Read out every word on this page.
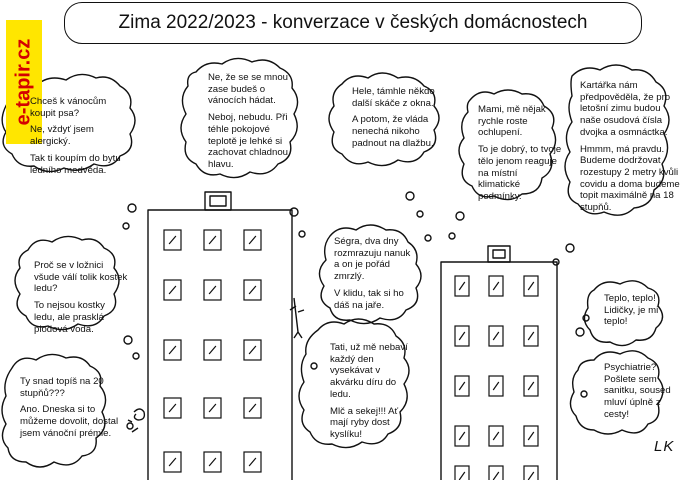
Zima 2022/2023 - konverzace v českých domácnostech
e-tapir.cz

Chceš k vánocům koupit psa?

Ne, vždyť jsem alergický.

Tak ti koupím do bytu ledního medvěda.

Ne, že se se mnou zase budeš o vánocích hádat.

Neboj, nebudu. Při téhle pokojové teplotě je lehké si zachovat chladnou hlavu.

Hele, támhle někdo další skáče z okna.

A potom, že vláda nenechá nikoho padnout na dlažbu.

Mami, mě nějak rychle roste ochlupení.

To je dobrý, to tvoje tělo jenom reaguje na místní klimatické podmínky.

Kartářka nám předpověděla, že pro letošní zimu budou naše osudová čísla dvojka a osmnáctka.

Hmmm, má pravdu. Budeme dodržovat rozestupy 2 metry kvůli covidu a doma budeme topit maximálně na 18 stupňů.

Proč se v ložnici všude válí tolik kostek ledu?

To nejsou kostky ledu, ale prasklá plodová voda.

Ségra, dva dny rozmrazuju nanuk a on je pořád zmrzlý.

V klidu, tak si ho dáš na jaře.

Teplo, teplo! Lidičky, je mi teplo!

Tati, už mě nebaví každý den vysekávat v akvárku díru do ledu.

Mlč a sekej!!! Ať mají ryby dost kyslíku!

Psychiatrie? Pošlete sem sanitku, soused mluví úplně z cesty!

Ty snad topíš na 20 stupňů???

Ano. Dneska si to můžeme dovolit, dostal jsem vánoční prémie.

LK
